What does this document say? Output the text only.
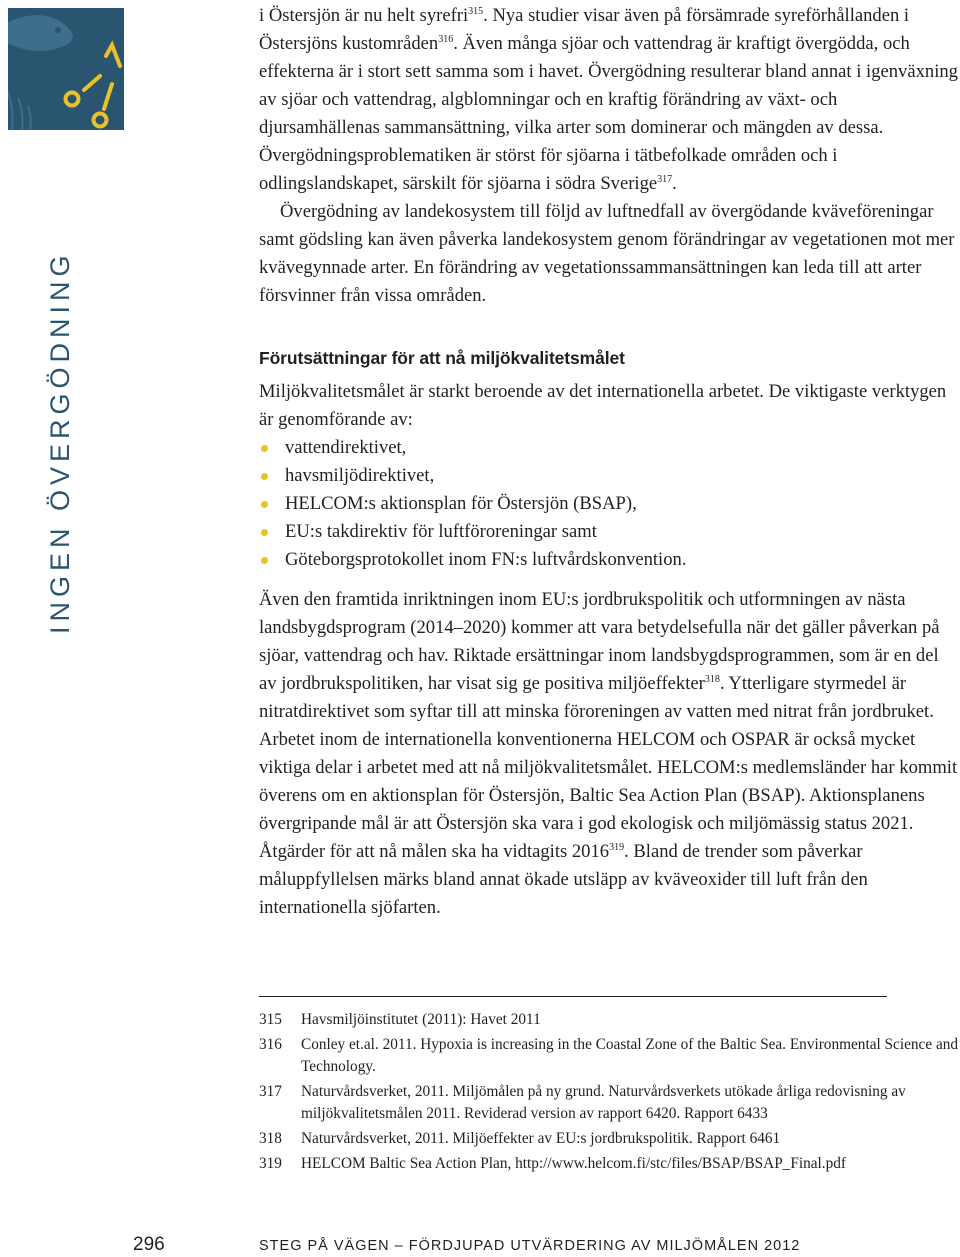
INGEN ÖVERGÖDNING

i Östersjön är nu helt syrefri$^{315}$. Nya studier visar även på försämrade syreförhållanden i Östersjöns kustområden$^{316}$. Även många sjöar och vattendrag är kraftigt övergödda, och effekterna är i stort sett samma som i havet. Övergödning resulterar bland annat i igenväxning av sjöar och vattendrag, algblomningar och en kraftig förändring av växt- och djursamhällenas sammansättning, vilka arter som dominerar och mängden av dessa. Övergödningsproblematiken är störst för sjöarna i tätbefolkade områden och i odlingslandskapet, särskilt för sjöarna i södra Sverige$^{317}$.

Övergödning av landekosystem till följd av luftnedfall av övergödande kväveföreningar samt gödsling kan även påverka landekosystem genom förändringar av vegetationen mot mer kvävegynnade arter. En förändring av vegetationssammansättningen kan leda till att arter försvinner från vissa områden.

Förutsättningar för att nå miljökvalitetsmålet

Miljökvalitetsmålet är starkt beroende av det internationella arbetet. De viktigaste verktygen är genomförande av:

vattendirektivet,
havsmiljödirektivet,
HELCOM:s aktionsplan för Östersjön (BSAP),
EU:s takdirektiv för luftföroreningar samt
Göteborgsprotokollet inom FN:s luftvårdskonvention.

Även den framtida inriktningen inom EU:s jordbrukspolitik och utformningen av nästa landsbygdsprogram (2014–2020) kommer att vara betydelsefulla när det gäller påverkan på sjöar, vattendrag och hav. Riktade ersättningar inom landsbygdsprogrammen, som är en del av jordbrukspolitiken, har visat sig ge positiva miljöeffekter$^{318}$. Ytterligare styrmedel är nitratdirektivet som syftar till att minska föroreningen av vatten med nitrat från jordbruket. Arbetet inom de internationella konventionerna HELCOM och OSPAR är också mycket viktiga delar i arbetet med att nå miljökvalitetsmålet. HELCOM:s medlemsländer har kommit överens om en aktionsplan för Östersjön, Baltic Sea Action Plan (BSAP). Aktionsplanens övergripande mål är att Östersjön ska vara i god ekologisk och miljömässig status 2021. Åtgärder för att nå målen ska ha vidtagits 2016$^{319}$. Bland de trender som påverkar måluppfyllelsen märks bland annat ökade utsläpp av kväveoxider till luft från den internationella sjöfarten.

315	Havsmiljöinstitutet (2011): Havet 2011
316	Conley et.al. 2011. Hypoxia is increasing in the Coastal Zone of the Baltic Sea. Environmental Science and Technology.
317	Naturvårdsverket, 2011. Miljömålen på ny grund. Naturvårdsverkets utökade årliga redovisning av miljökvalitetsmålen 2011. Reviderad version av rapport 6420. Rapport 6433
318	Naturvårdsverket, 2011. Miljöeffekter av EU:s jordbrukspolitik. Rapport 6461
319	HELCOM Baltic Sea Action Plan, http://www.helcom.fi/stc/files/BSAP/BSAP_Final.pdf
296	STEG PÅ VÄGEN – FÖRDJUPAD UTVÄRDERING AV MILJÖMÅLEN 2012
